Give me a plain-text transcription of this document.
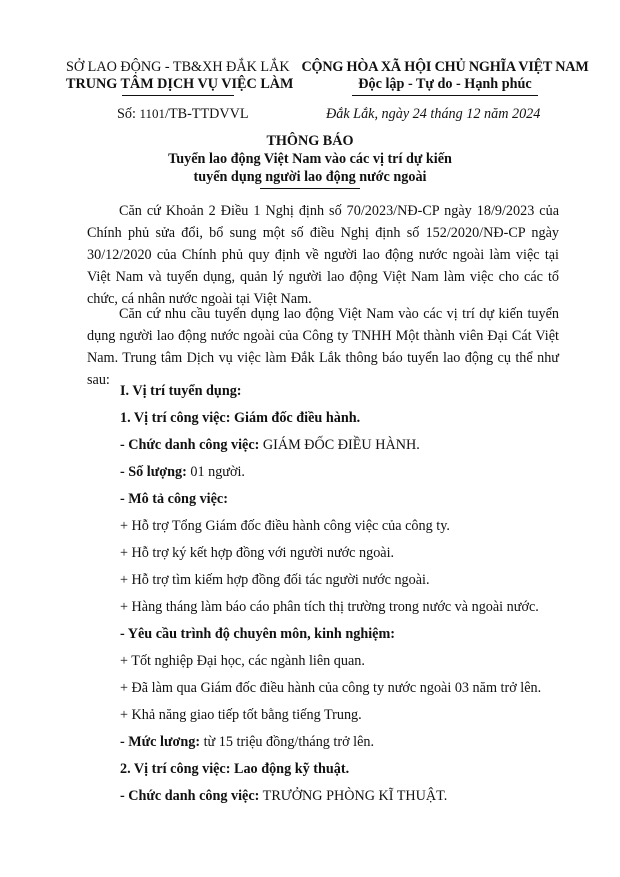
SỞ LAO ĐỘNG - TB&XH ĐẮK LẮK
TRUNG TÂM DỊCH VỤ VIỆC LÀM
CỘNG HÒA XÃ HỘI CHỦ NGHĨA VIỆT NAM
Độc lập - Tự do - Hạnh phúc
Số: 1101/TB-TTDVVL	Đắk Lắk, ngày 24 tháng 12 năm 2024
THÔNG BÁO
Tuyển lao động Việt Nam vào các vị trí dự kiến
tuyển dụng người lao động nước ngoài
Căn cứ Khoản 2 Điều 1 Nghị định số 70/2023/NĐ-CP ngày 18/9/2023 của Chính phủ sửa đổi, bổ sung một số điều Nghị định số 152/2020/NĐ-CP ngày 30/12/2020 của Chính phủ quy định về người lao động nước ngoài làm việc tại Việt Nam và tuyển dụng, quản lý người lao động Việt Nam làm việc cho các tổ chức, cá nhân nước ngoài tại Việt Nam.
Căn cứ nhu cầu tuyển dụng lao động Việt Nam vào các vị trí dự kiến tuyển dụng người lao động nước ngoài của Công ty TNHH Một thành viên Đại Cát Việt Nam. Trung tâm Dịch vụ việc làm Đắk Lắk thông báo tuyển lao động cụ thể như sau:
I. Vị trí tuyển dụng:
1. Vị trí công việc: Giám đốc điều hành.
- Chức danh công việc: GIÁM ĐỐC ĐIỀU HÀNH.
- Số lượng: 01 người.
- Mô tả công việc:
+ Hỗ trợ Tổng Giám đốc điều hành công việc của công ty.
+ Hỗ trợ ký kết hợp đồng với người nước ngoài.
+ Hỗ trợ tìm kiếm hợp đồng đối tác người nước ngoài.
+ Hàng tháng làm báo cáo phân tích thị trường trong nước và ngoài nước.
- Yêu cầu trình độ chuyên môn, kinh nghiệm:
+ Tốt nghiệp Đại học, các ngành liên quan.
+ Đã làm qua Giám đốc điều hành của công ty nước ngoài 03 năm trở lên.
+ Khả năng giao tiếp tốt bằng tiếng Trung.
- Mức lương: từ 15 triệu đồng/tháng trở lên.
2. Vị trí công việc: Lao động kỹ thuật.
- Chức danh công việc: TRƯỞNG PHÒNG KĨ THUẬT.
